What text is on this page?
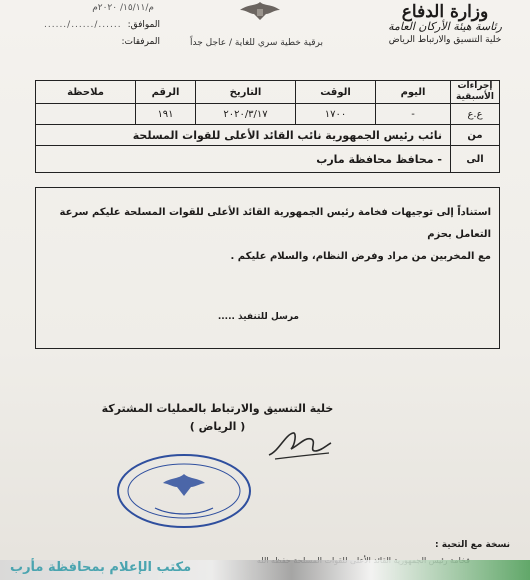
وزارة الدفاع
رئاسة هيئة الأركان العامة
خلية التنسيق والارتباط الرياض
م/١٥/١١/ ٢٠٢٠م
الموافق:
....../....../......
المرفقات:	برقية خطية سري للغاية / عاجل جداً
إجراءات الأسبقية	اليوم	الوقت	التاريخ	الرقم	ملاحظة
ع.ع	-	١٧٠٠	٢٠٢٠/٣/١٧	١٩١	
من	نائب رئيس الجمهورية نائب القائد الأعلى للقوات المسلحة				
الى	- محافظ محافظة مارب				
استناداً إلى توجيهات فخامة رئيس الجمهورية القائد الأعلى للقوات المسلحة عليكم سرعة التعامل بحزم
مع المخربين من مراد وفرض النظام، والسلام عليكم .
مرسل للتنفيذ .....
خلية التنسيق والارتباط بالعمليات المشتركة
( الرياض )
نسخة مع التحية :
مكتب الإعلام بمحافظة مأرب
